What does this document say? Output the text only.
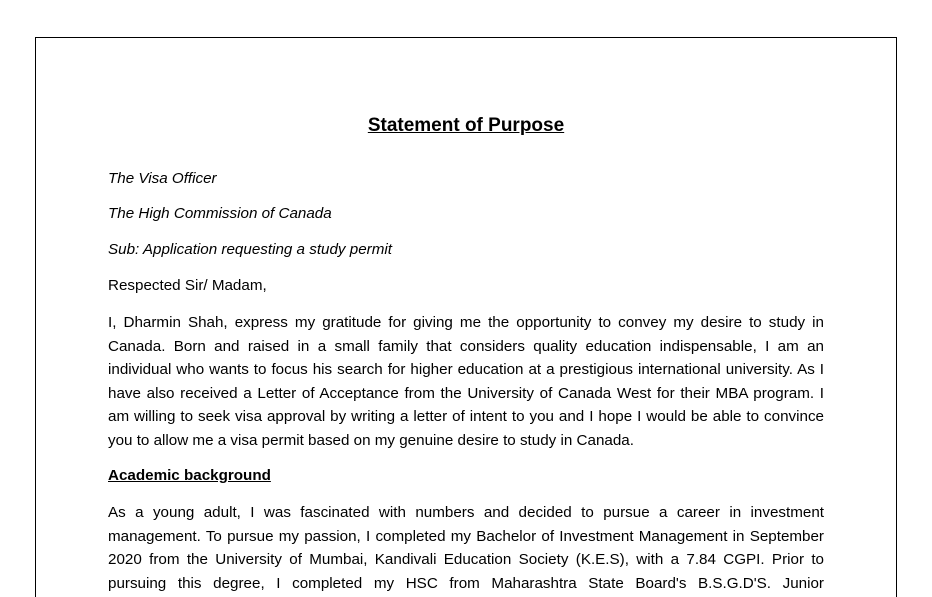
Statement of Purpose

The Visa Officer

The High Commission of Canada

Sub: Application requesting a study permit

Respected Sir/ Madam,

I, Dharmin Shah, express my gratitude for giving me the opportunity to convey my desire to study in Canada. Born and raised in a small family that considers quality education indispensable, I am an individual who wants to focus his search for higher education at a prestigious international university. As I have also received a Letter of Acceptance from the University of Canada West for their MBA program. I am willing to seek visa approval by writing a letter of intent to you and I hope I would be able to convince you to allow me a visa permit based on my genuine desire to study in Canada.

Academic background

As a young adult, I was fascinated with numbers and decided to pursue a career in investment management. To pursue my passion, I completed my Bachelor of Investment Management in September 2020 from the University of Mumbai, Kandivali Education Society (K.E.S), with a 7.84 CGPI. Prior to pursuing this degree, I completed my HSC from Maharashtra State Board's B.S.G.D'S. Junior
